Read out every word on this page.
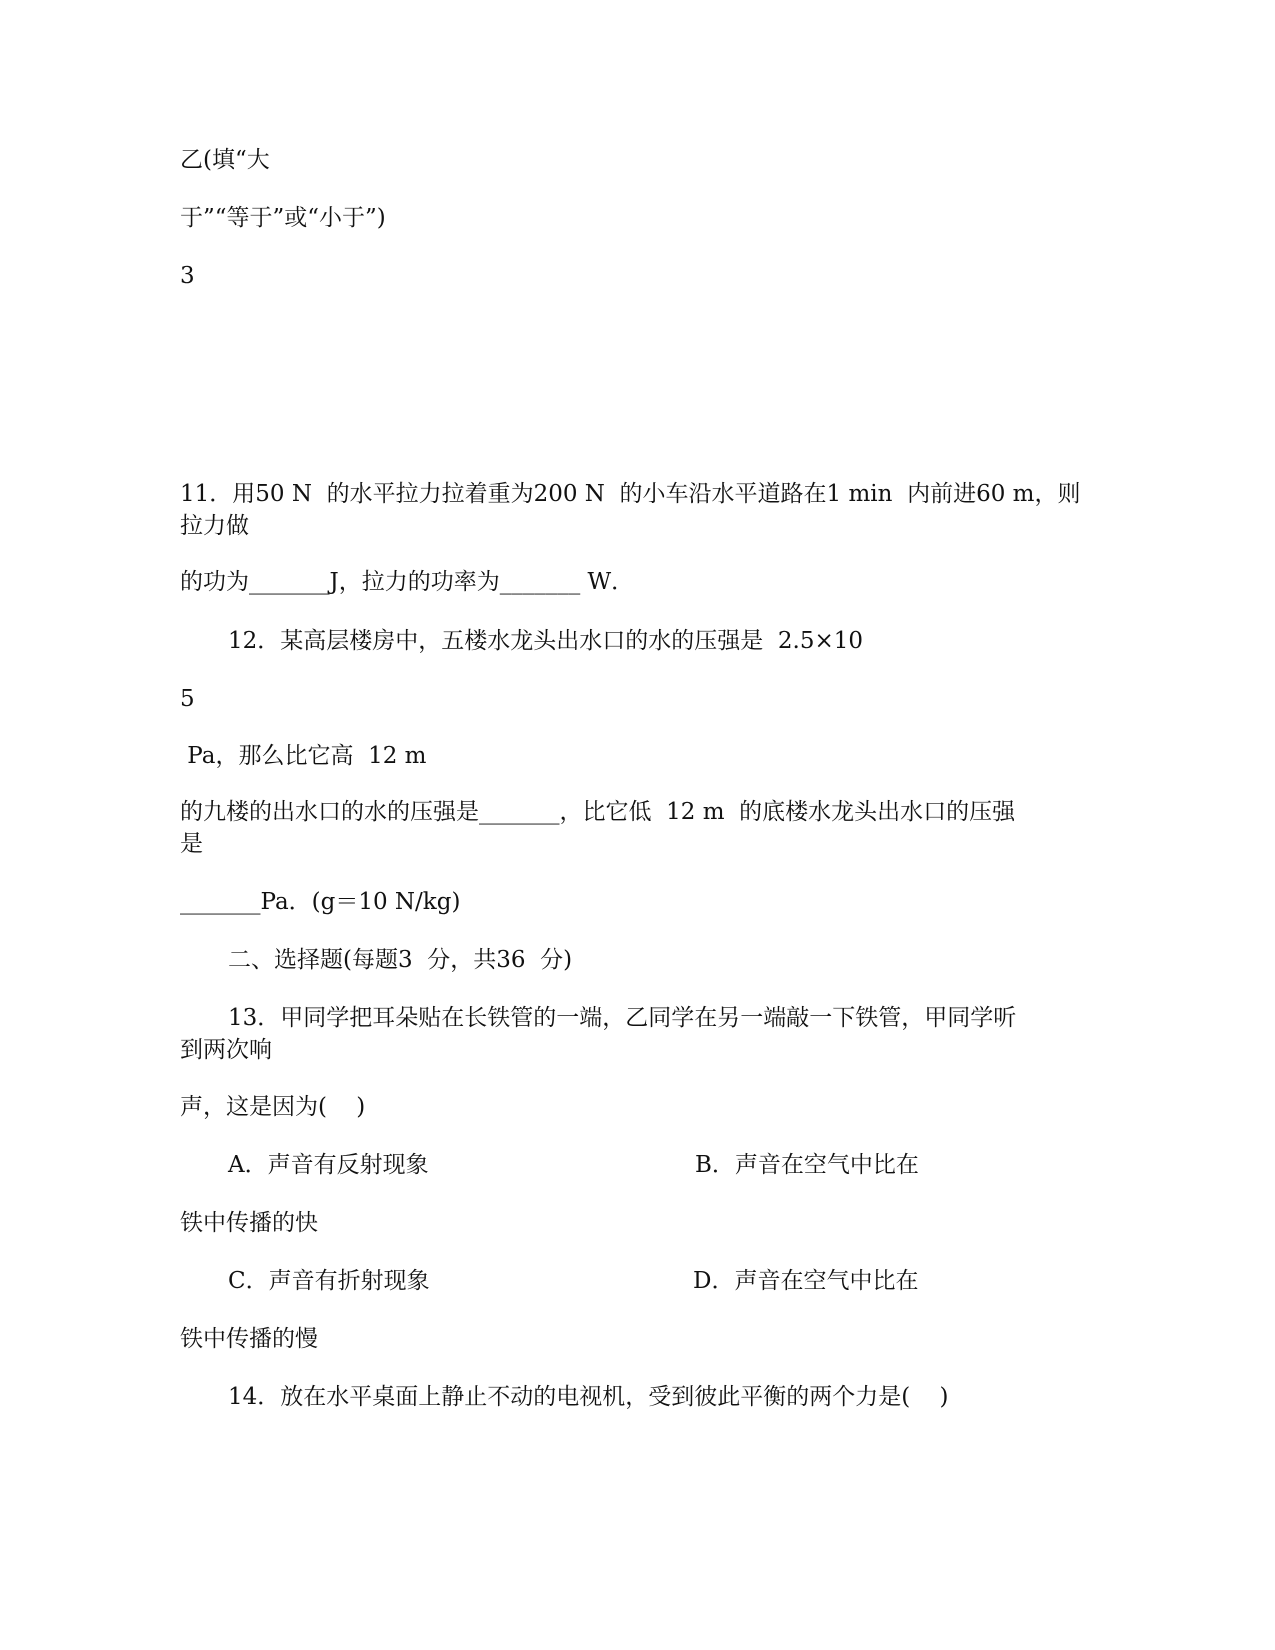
乙(填“大
于”“等于”或“小于”)
3
11．用50 N  的水平拉力拉着重为200 N  的小车沿水平道路在1 min  内前进60 m，则
拉力做
的功为_______J，拉力的功率为_______ W．
12．某高层楼房中，五楼水龙头出水口的水的压强是  2.5×10
5
Pa，那么比它高  12 m
的九楼的出水口的水的压强是_______，比它低  12 m  的底楼水龙头出水口的压强
是
_______Pa．(g＝10 N/kg)
二、选择题(每题3  分，共36  分)
13．甲同学把耳朵贴在长铁管的一端，乙同学在另一端敲一下铁管，甲同学听
到两次响
声，这是因为(    )
A．声音有反射现象	B．声音在空气中比在
铁中传播的快
C．声音有折射现象	D．声音在空气中比在
铁中传播的慢
14．放在水平桌面上静止不动的电视机，受到彼此平衡的两个力是(    )
